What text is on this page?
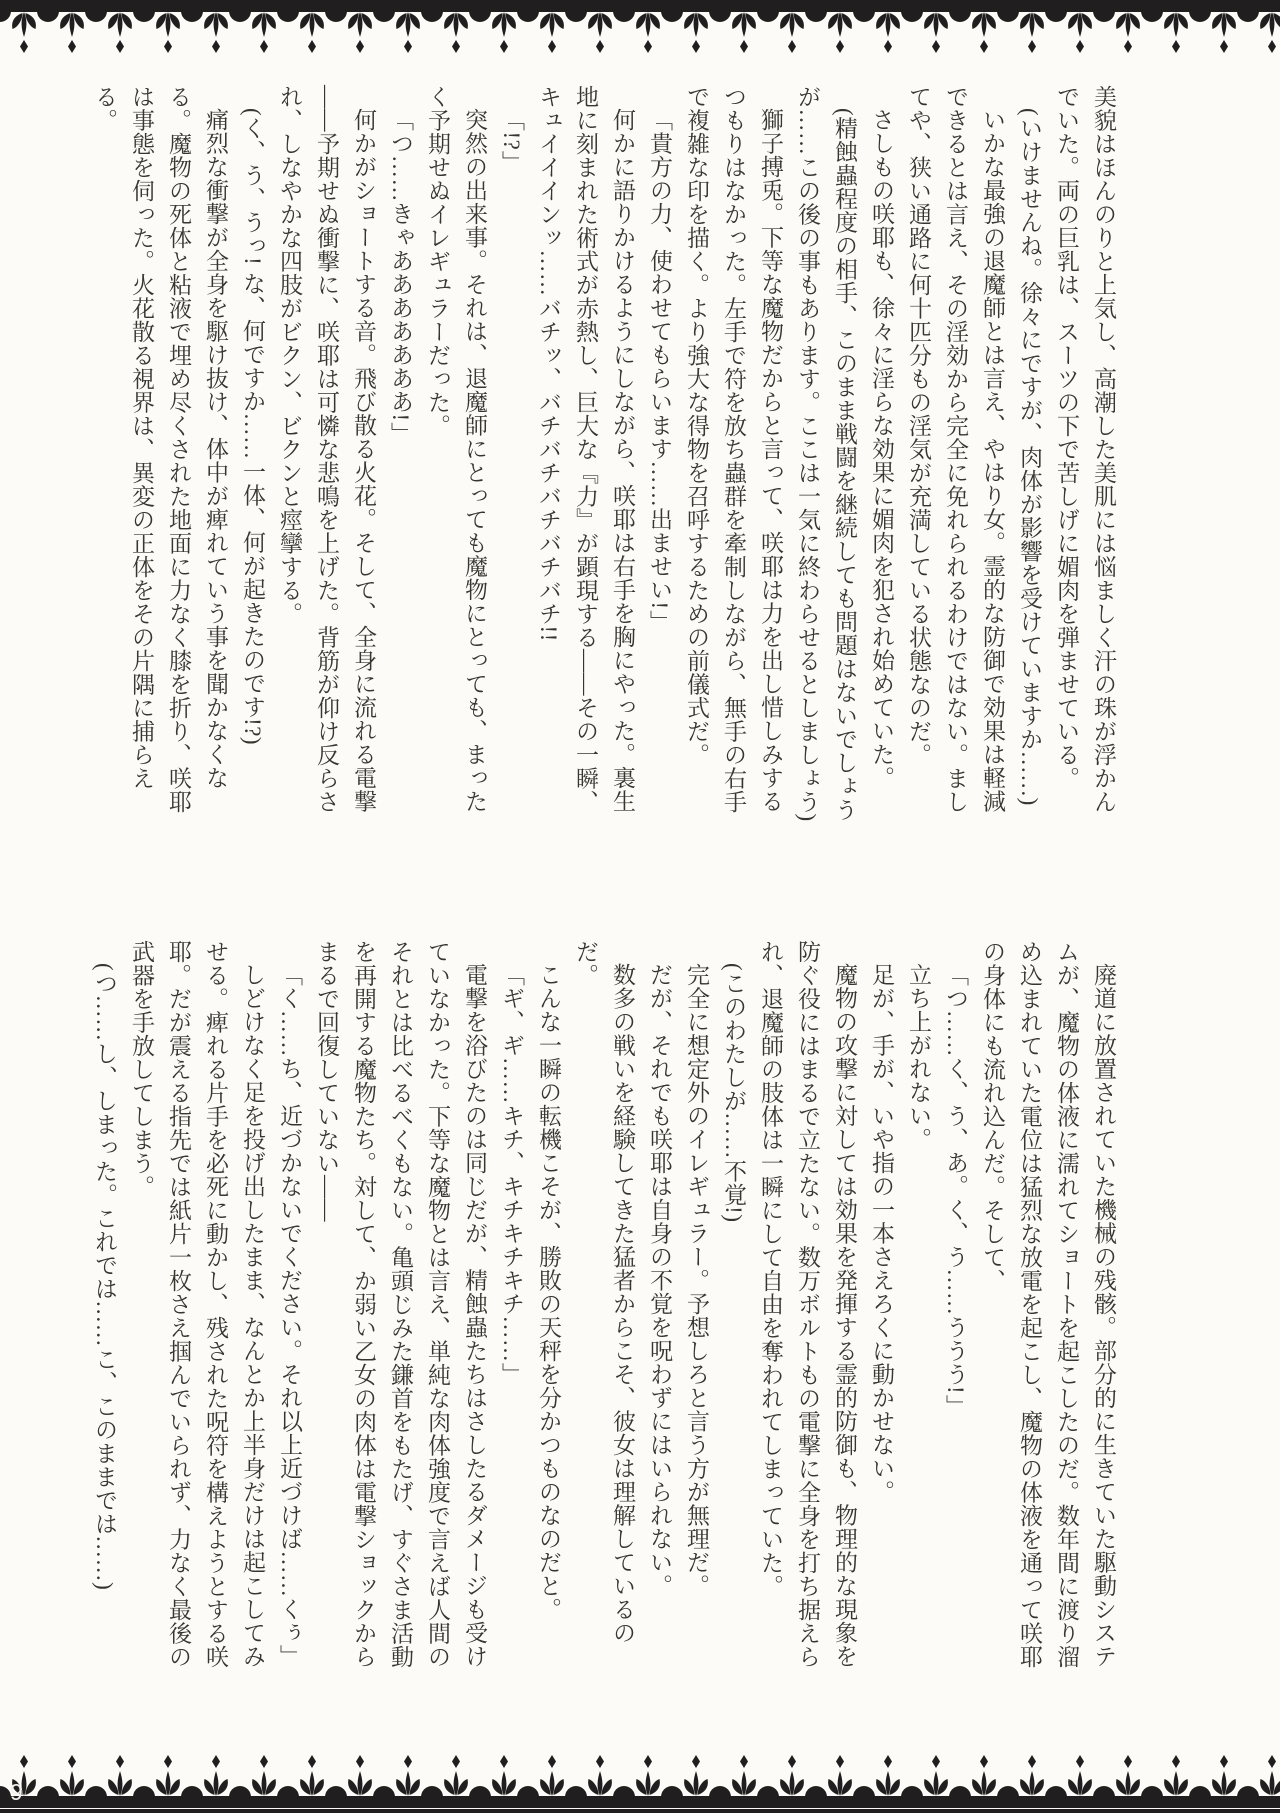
美貌はほんのりと上気し、高潮した美肌には悩ましく汗の珠が浮かんでいた。両の巨乳は、スーツの下で苦しげに媚肉を弾ませている。

(いけませんね。徐々にですが、肉体が影響を受けていますか……)

いかな最強の退魔師とは言え、やはり女。霊的な防御で効果は軽減できるとは言え、その淫効から完全に免れられるわけではない。ましてや、狭い通路に何十匹分もの淫気が充満している状態なのだ。

さしもの咲耶も、徐々に淫らな効果に媚肉を犯され始めていた。

(精蝕蟲程度の相手、このまま戦闘を継続しても問題はないでしょうが……この後の事もあります。ここは一気に終わらせるとしましょう)

獅子搏兎。下等な魔物だからと言って、咲耶は力を出し惜しみするつもりはなかった。左手で符を放ち蟲群を牽制しながら、無手の右手で複雑な印を描く。より強大な得物を召呼するための前儀式だ。

「貴方の力、使わせてもらいます……出ませい!」

何かに語りかけるようにしながら、咲耶は右手を胸にやった。裏生地に刻まれた術式が赤熱し、巨大な『力』が顕現する——その一瞬、

キュイイインッ……バチッ、バチバチバチバチバチ!!

「!?」

突然の出来事。それは、退魔師にとっても魔物にとっても、まったく予期せぬイレギュラーだった。

「つ……きゃあああああああ!」

何かがショートする音。飛び散る火花。そして、全身に流れる電撃——予期せぬ衝撃に、咲耶は可憐な悲鳴を上げた。背筋が仰け反らされ、しなやかな四肢がビクン、ビクンと痙攣する。

(く、う、うっ! な、何ですか……一体、何が起きたのです!?)

痛烈な衝撃が全身を駆け抜け、体中が痺れていう事を聞かなくなる。魔物の死体と粘液で埋め尽くされた地面に力なく膝を折り、咲耶は事態を伺った。火花散る視界は、異変の正体をその片隅に捕らえる。

廃道に放置されていた機械の残骸。部分的に生きていた駆動システムが、魔物の体液に濡れてショートを起こしたのだ。数年間に渡り溜め込まれていた電位は猛烈な放電を起こし、魔物の体液を通って咲耶の身体にも流れ込んだ。そして、

「つ……く、う、あ。く、う……ううう!」

立ち上がれない。

足が、手が、いや指の一本さえろくに動かせない。

魔物の攻撃に対しては効果を発揮する霊的防御も、物理的な現象を防ぐ役にはまるで立たない。数万ボルトもの電撃に全身を打ち据えられ、退魔師の肢体は一瞬にして自由を奪われてしまっていた。

(このわたしが……不覚!)

完全に想定外のイレギュラー。予想しろと言う方が無理だ。

だが、それでも咲耶は自身の不覚を呪わずにはいられない。

数多の戦いを経験してきた猛者からこそ、彼女は理解しているのだ。

こんな一瞬の転機こそが、勝敗の天秤を分かつものなのだと。

「ギ、ギ……キチ、キチキチキチ……」

電撃を浴びたのは同じだが、精蝕蟲たちはさしたるダメージも受けていなかった。下等な魔物とは言え、単純な肉体強度で言えば人間のそれとは比べるべくもない。亀頭じみた鎌首をもたげ、すぐさま活動を再開する魔物たち。対して、か弱い乙女の肉体は電撃ショックからまるで回復していない——

「く……ち、近づかないでください。それ以上近づけば……くぅ」

しどけなく足を投げ出したまま、なんとか上半身だけは起こしてみせる。痺れる片手を必死に動かし、残された呪符を構えようとする咲耶。だが震える指先では紙片一枚さえ掴んでいられず、力なく最後の武器を手放してしまう。

(つ……し、しまった。これでは……こ、このままでは……)

9
